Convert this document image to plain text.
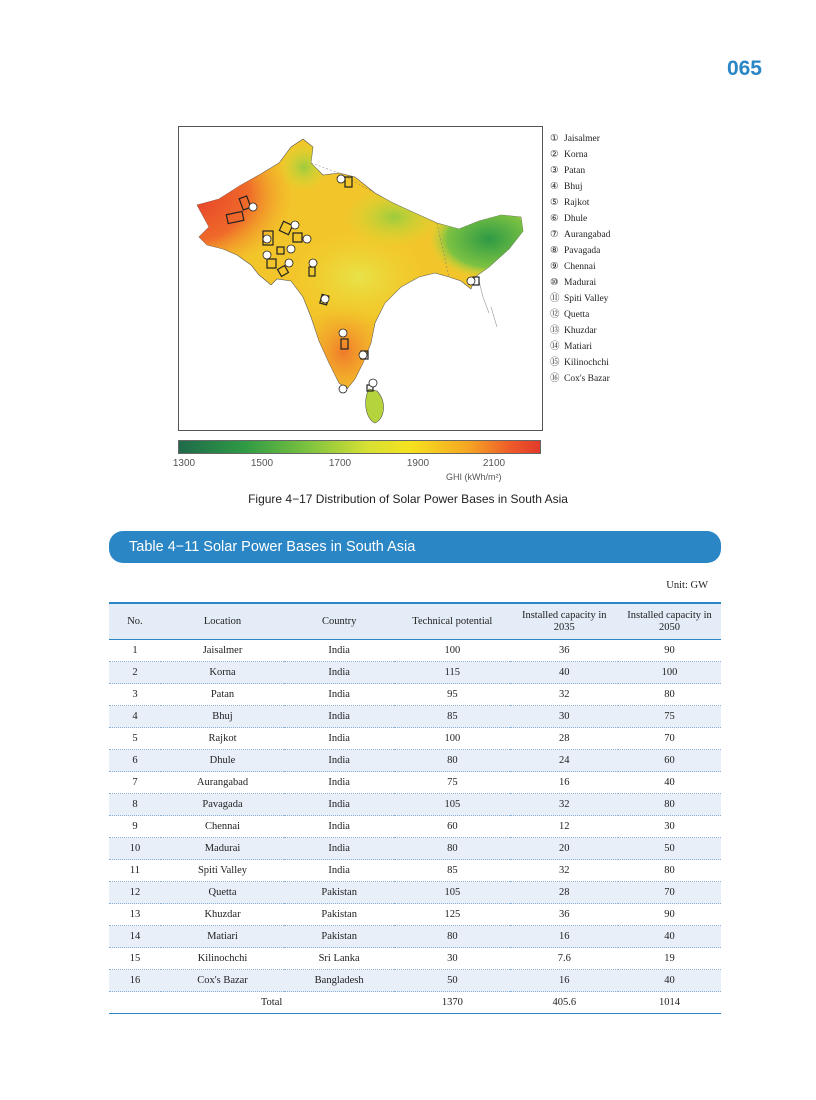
065
① Jaisalmer
② Korna
③ Patan
④ Bhuj
⑤ Rajkot
⑥ Dhule
⑦ Aurangabad
⑧ Pavagada
⑨ Chennai
⑩ Madurai
⑪ Spiti Valley
⑫ Quetta
⑬ Khuzdar
⑭ Matiari
⑮ Kilinochchi
⑯ Cox's Bazar
1300	1500	1700	1900	2100
GHI (kWh/m²)
Figure 4−17 Distribution of Solar Power Bases in South Asia
Table 4−11 Solar Power Bases in South Asia
Unit: GW
No.	Location	Country	Technical potential	Installed capacity in 2035	Installed capacity in 2050
1	Jaisalmer	India	100	36	90
2	Korna	India	115	40	100
3	Patan	India	95	32	80
4	Bhuj	India	85	30	75
5	Rajkot	India	100	28	70
6	Dhule	India	80	24	60
7	Aurangabad	India	75	16	40
8	Pavagada	India	105	32	80
9	Chennai	India	60	12	30
10	Madurai	India	80	20	50
11	Spiti Valley	India	85	32	80
12	Quetta	Pakistan	105	28	70
13	Khuzdar	Pakistan	125	36	90
14	Matiari	Pakistan	80	16	40
15	Kilinochchi	Sri Lanka	30	7.6	19
16	Cox's Bazar	Bangladesh	50	16	40
Total			1370	405.6	1014
